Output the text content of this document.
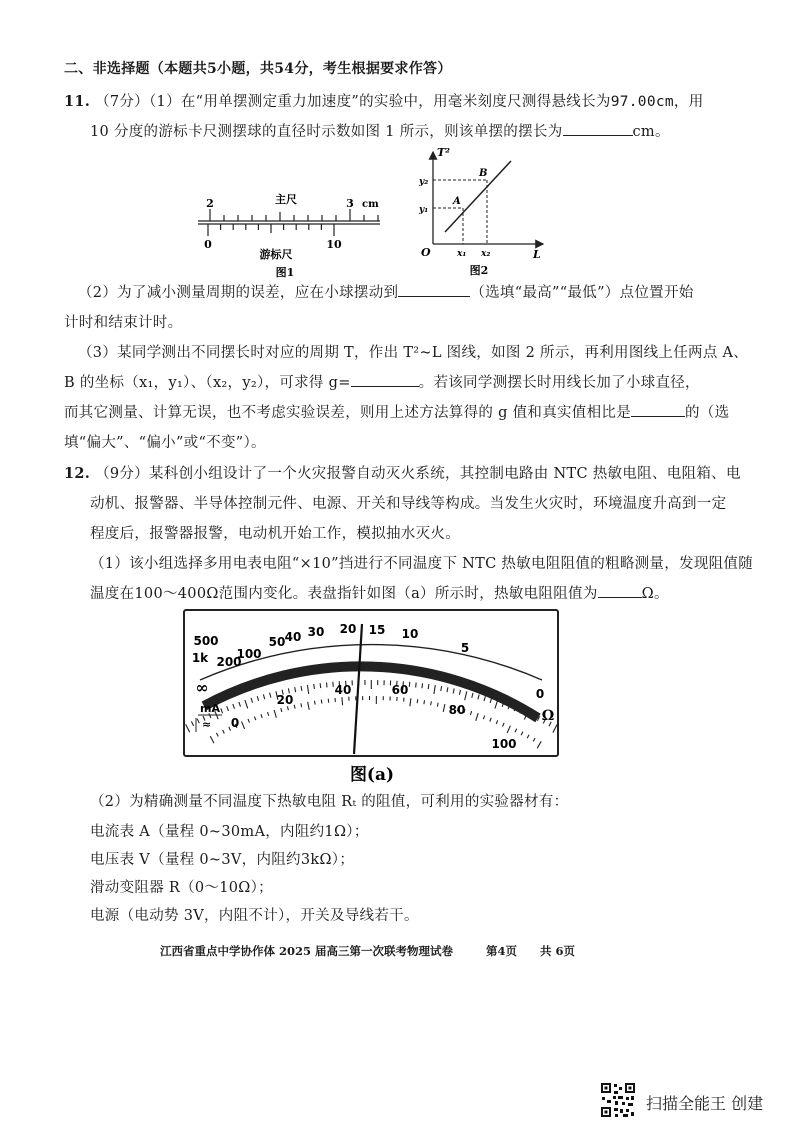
二、非选择题（本题共5小题，共54分，考生根据要求作答）
11. （7分）（1）在“用单摆测定重力加速度”的实验中，用毫米刻度尺测得悬线长为97.00cm，用
10 分度的游标卡尺测摆球的直径时示数如图 1 所示，则该单摆的摆长为	cm。
2	3 cm
主尺
0	10
游标尺
图1
T²
L
O
y₂
y₁
x₁ x₂
A
B
图2
（2）为了减小测量周期的误差，应在小球摆动到	（选填“最高”“最低”）点位置开始
计时和结束计时。
（3）某同学测出不同摆长时对应的周期 T，作出 T²~L 图线，如图 2 所示，再利用图线上任两点 A、
B 的坐标（x₁，y₁）、（x₂，y₂），可求得 g=	。若该同学测摆长时用线长加了小球直径，
而其它测量、计算无误，也不考虑实验误差，则用上述方法算得的 g 值和真实值相比是	的（选
填“偏大”、“偏小”或“不变”）。
12. （9分）某科创小组设计了一个火灾报警自动灭火系统，其控制电路由 NTC 热敏电阻、电阻箱、电
动机、报警器、半导体控制元件、电源、开关和导线等构成。当发生火灾时，环境温度升高到一定
程度后，报警器报警，电动机开始工作，模拟抽水灭火。
（1）该小组选择多用电表电阻“×10”挡进行不同温度下 NTC 热敏电阻阻值的粗略测量，发现阻值随
温度在100～400Ω范围内变化。表盘指针如图（a）所示时，热敏电阻阻值为	Ω。
500
1k 200
100
50 40 30 20 15 10
5
0
∞
0
20
40	60
80
100
mA
≈
Ω
图(a)
（2）为精确测量不同温度下热敏电阻 Rₜ 的阻值，可利用的实验器材有：
电流表 A（量程 0~30mA，内阻约1Ω）；
电压表 V（量程 0~3V，内阻约3kΩ）；
滑动变阻器 R（0～10Ω）；
电源（电动势 3V，内阻不计），开关及导线若干。
江西省重点中学协作体 2025 届高三第一次联考物理试卷	第4页 共 6页
扫描全能王 创建
